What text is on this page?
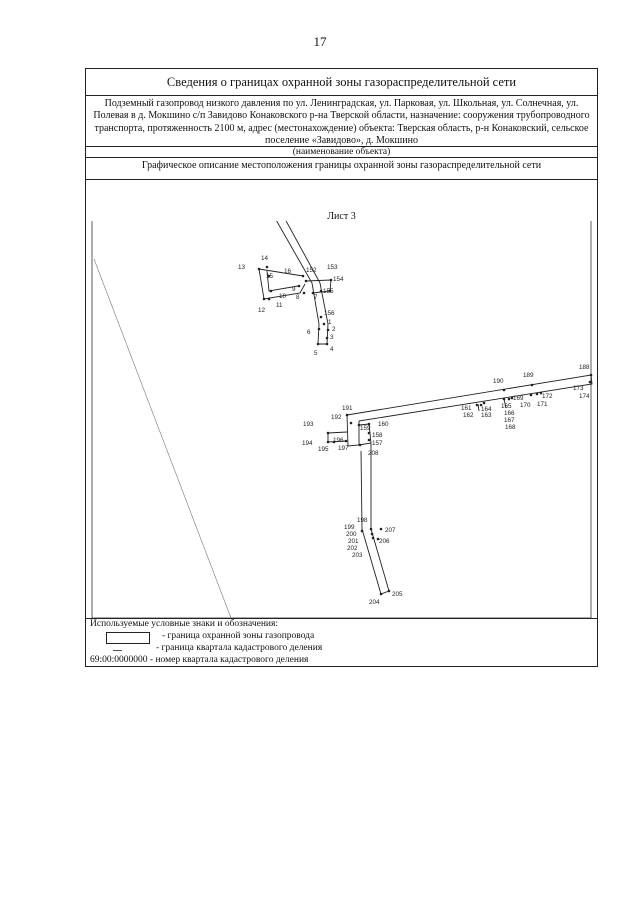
17
Сведения о границах охранной зоны газораспределительной сети
Подземный газопровод низкого давления по ул. Ленинградская, ул. Парковая, ул. Школьная, ул. Солнечная, ул. Полевая в д. Мокшино с/п Завидово Конаковского р-на Тверской области, назначение: сооружения трубопроводного транспорта, протяженность 2100 м, адрес (местонахождение) объекта: Тверская область, р-н Конаковский, сельское поселение «Завидово», д. Мокшино
(наименование объекта)
Графическое описание местоположения границы охранной зоны газораспределительной сети
Лист 3
1
2
3
4
5
6
7
8
9
10
11
12
13
14
15
16 152 153
154
155
156
161
162 163
164 165
166
167
168
169
170 171
172
173
174
188
189
190
191
192
193
194
195
196
197
198
199
200
201
202
203
204
205
206
207
208
157
158
159
160
Используемые условные знаки и обозначения:
- граница охранной зоны газопровода
- граница квартала кадастрового деления
69:00:0000000 - номер квартала кадастрового деления
